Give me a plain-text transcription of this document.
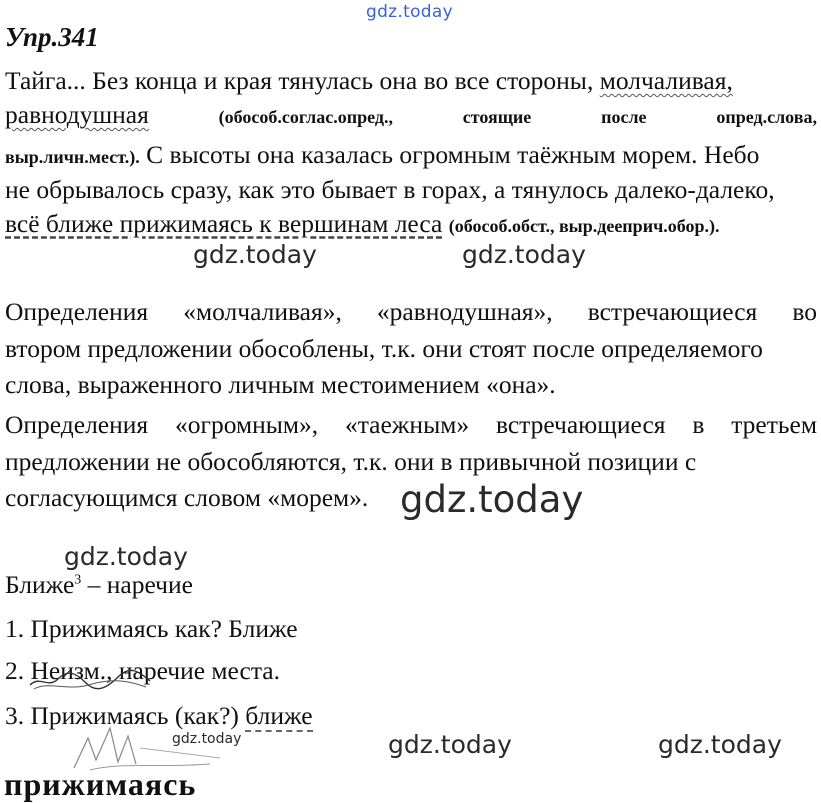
gdz.today
Упр.341
Тайга... Без конца и края тянулась она во все стороны, молчаливая,
равнодушная	(обособ.соглас.опред.,	стоящие	после	опред.слова,
выр.личн.мест.). С высоты она казалась огромным таёжным морем. Небо
не обрывалось сразу, как это бывает в горах, а тянулось далеко-далеко,
всё ближе прижимаясь к вершинам леса (обособ.обст., выр.дееприч.обор.).
gdz.today	gdz.today
Определения «молчаливая», «равнодушная», встречающиеся во
втором предложении обособлены, т.к. они стоят после определяемого
слова, выраженного личным местоимением «она».
Определения «огромным», «таежным» встречающиеся в третьем
предложении не обособляются, т.к. они в привычной позиции с
согласующимся словом «морем». gdz.today
gdz.today
Ближе$^3$ – наречие
1. Прижимаясь как? Ближе
2. Неизм., наречие места.
3. Прижимаясь (как?) ближе
gdz.today	gdz.today	gdz.today
прижимаясь
